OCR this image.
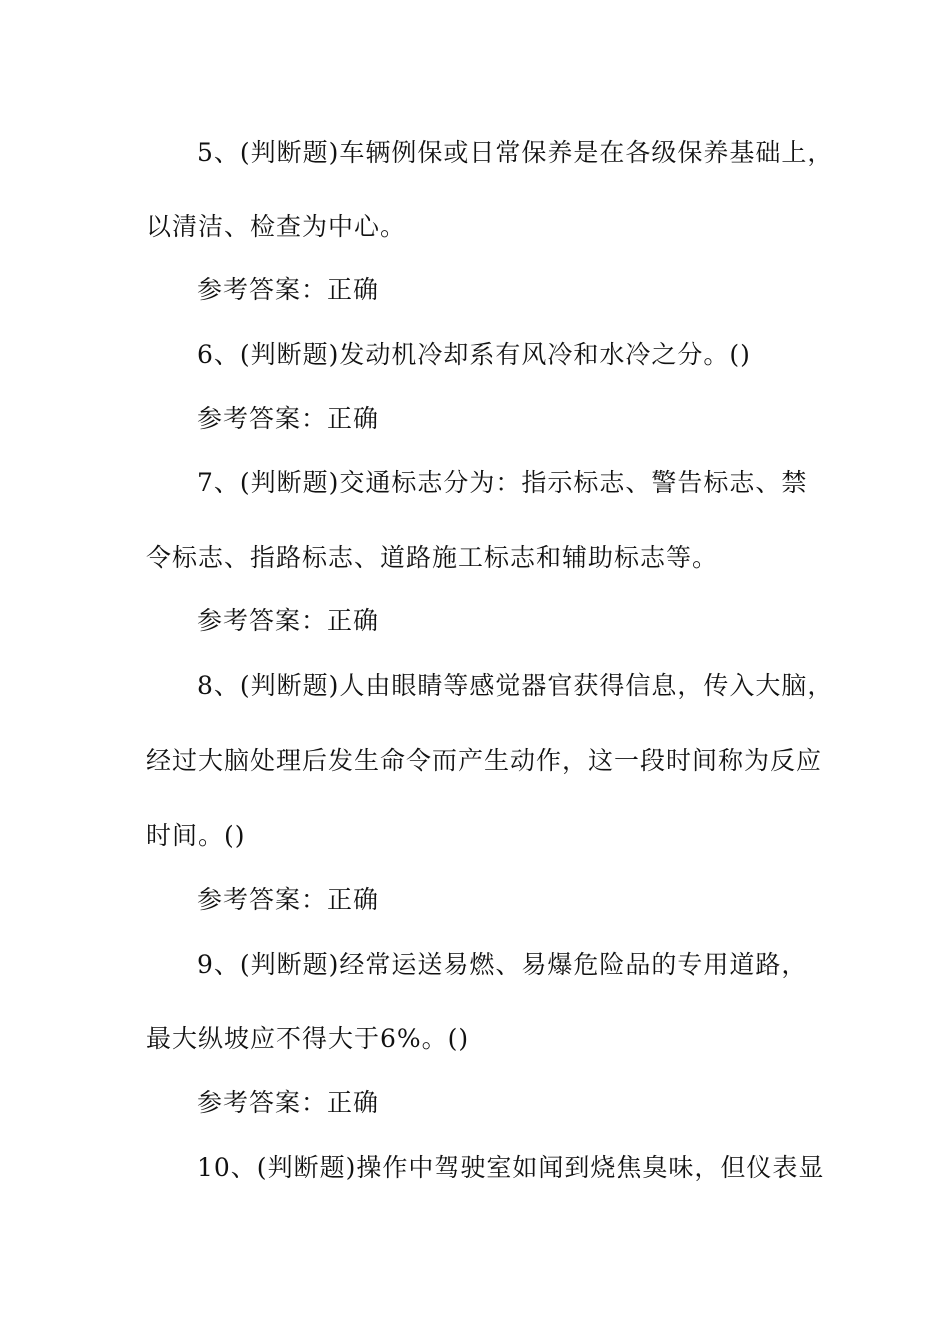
5、(判断题)车辆例保或日常保养是在各级保养基础上，
以清洁、检查为中心。
参考答案：正确
6、(判断题)发动机冷却系有风冷和水冷之分。()
参考答案：正确
7、(判断题)交通标志分为：指示标志、警告标志、禁
令标志、指路标志、道路施工标志和辅助标志等。
参考答案：正确
8、(判断题)人由眼睛等感觉器官获得信息，传入大脑，
经过大脑处理后发生命令而产生动作，这一段时间称为反应
时间。()
参考答案：正确
9、(判断题)经常运送易燃、易爆危险品的专用道路，
最大纵坡应不得大于6%。()
参考答案：正确
10、(判断题)操作中驾驶室如闻到烧焦臭味，但仪表显
